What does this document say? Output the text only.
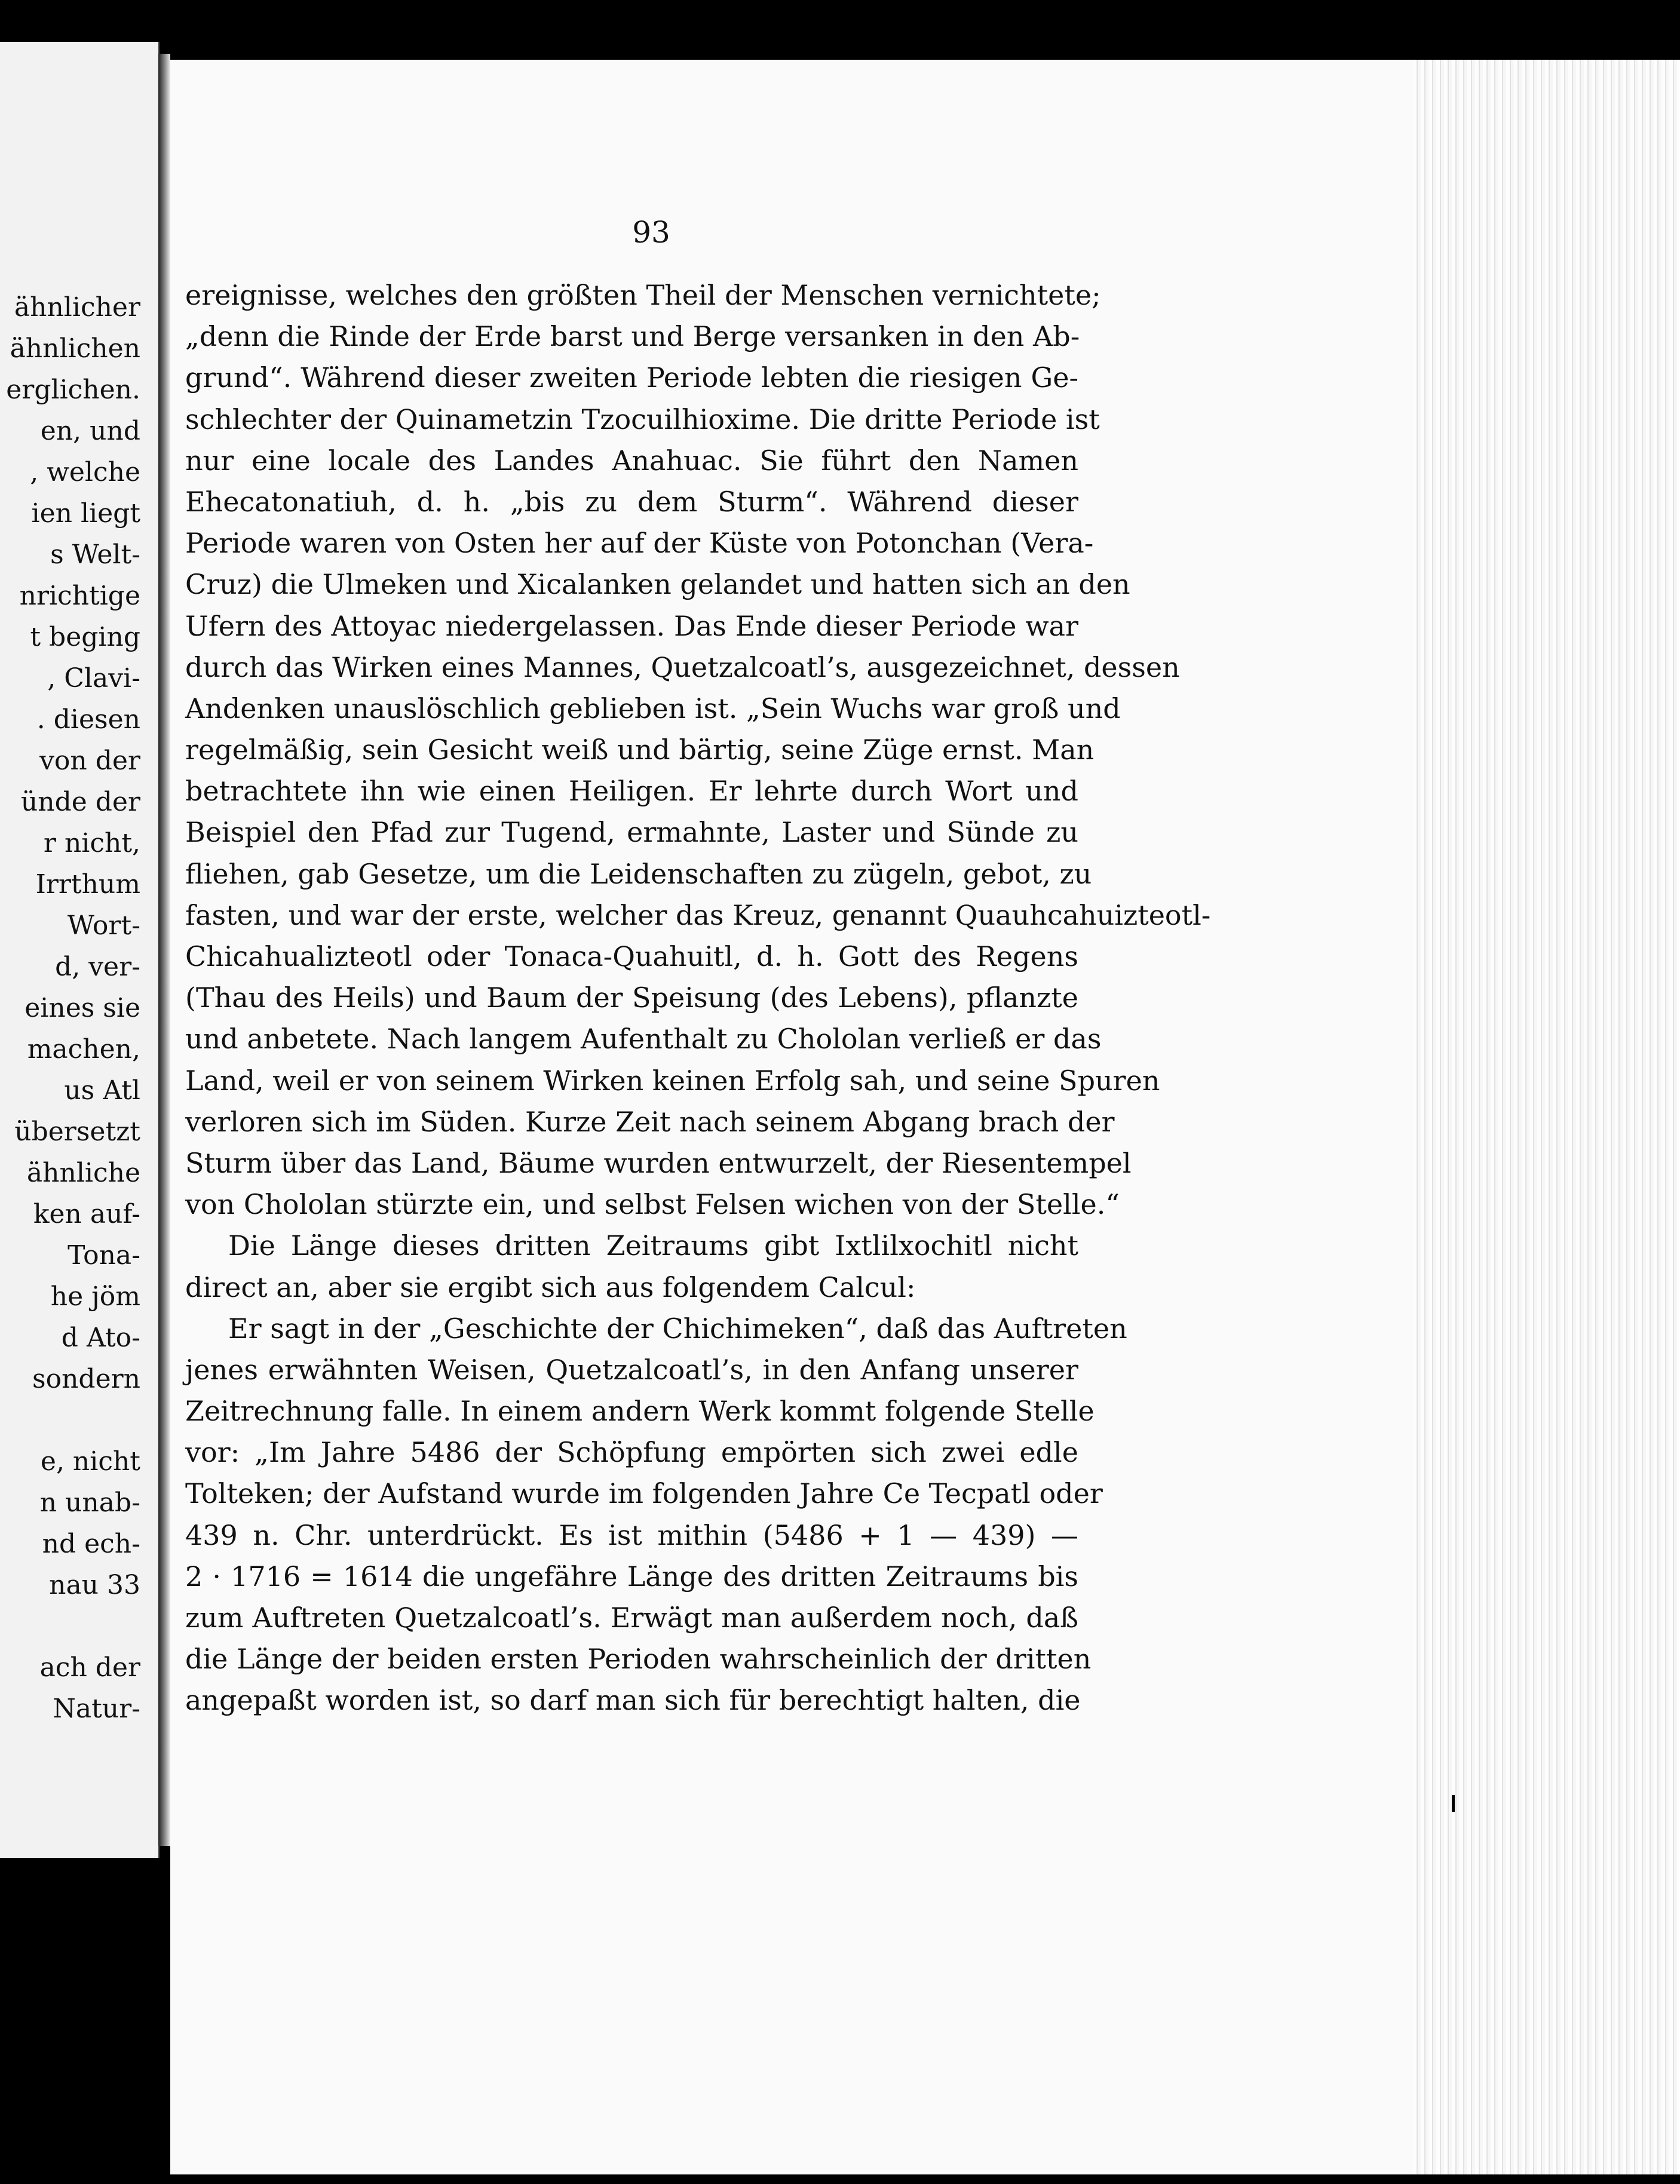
ähnlicher
ähnlichen
erglichen.
en, und
, welche
ien liegt
s Welt-
nrichtige
t beging
, Clavi-
. diesen
von der
ünde der
r nicht,
Irrthum
Wort-
d, ver-
eines sie
machen,
us Atl
übersetzt
ähnliche
ken auf-
Tona-
he jöm
d Ato-
sondern
e, nicht
n unab-
nd ech-
nau 33
ach der
Natur-
93
ereignisse, welches den größten Theil der Menschen vernichtete;
„denn die Rinde der Erde barst und Berge versanken in den Ab-
grund“. Während dieser zweiten Periode lebten die riesigen Ge-
schlechter der Quinametzin Tzocuilhioxime. Die dritte Periode ist
nur eine locale des Landes Anahuac. Sie führt den Namen
Ehecatonatiuh, d. h. „bis zu dem Sturm“. Während dieser
Periode waren von Osten her auf der Küste von Potonchan (Vera-
Cruz) die Ulmeken und Xicalanken gelandet und hatten sich an den
Ufern des Attoyac niedergelassen. Das Ende dieser Periode war
durch das Wirken eines Mannes, Quetzalcoatl’s, ausgezeichnet, dessen
Andenken unauslöschlich geblieben ist. „Sein Wuchs war groß und
regelmäßig, sein Gesicht weiß und bärtig, seine Züge ernst. Man
betrachtete ihn wie einen Heiligen. Er lehrte durch Wort und
Beispiel den Pfad zur Tugend, ermahnte, Laster und Sünde zu
fliehen, gab Gesetze, um die Leidenschaften zu zügeln, gebot, zu
fasten, und war der erste, welcher das Kreuz, genannt Quauhcahuizteotl-
Chicahualizteotl oder Tonaca-Quahuitl, d. h. Gott des Regens
(Thau des Heils) und Baum der Speisung (des Lebens), pflanzte
und anbetete. Nach langem Aufenthalt zu Chololan verließ er das
Land, weil er von seinem Wirken keinen Erfolg sah, und seine Spuren
verloren sich im Süden. Kurze Zeit nach seinem Abgang brach der
Sturm über das Land, Bäume wurden entwurzelt, der Riesentempel
von Chololan stürzte ein, und selbst Felsen wichen von der Stelle.“
Die Länge dieses dritten Zeitraums gibt Ixtlilxochitl nicht
direct an, aber sie ergibt sich aus folgendem Calcul:
Er sagt in der „Geschichte der Chichimeken“, daß das Auftreten
jenes erwähnten Weisen, Quetzalcoatl’s, in den Anfang unserer
Zeitrechnung falle. In einem andern Werk kommt folgende Stelle
vor: „Im Jahre 5486 der Schöpfung empörten sich zwei edle
Tolteken; der Aufstand wurde im folgenden Jahre Ce Tecpatl oder
439 n. Chr. unterdrückt. Es ist mithin (5486 + 1 — 439) —
2 · 1716 = 1614 die ungefähre Länge des dritten Zeitraums bis
zum Auftreten Quetzalcoatl’s. Erwägt man außerdem noch, daß
die Länge der beiden ersten Perioden wahrscheinlich der dritten
angepaßt worden ist, so darf man sich für berechtigt halten, die
